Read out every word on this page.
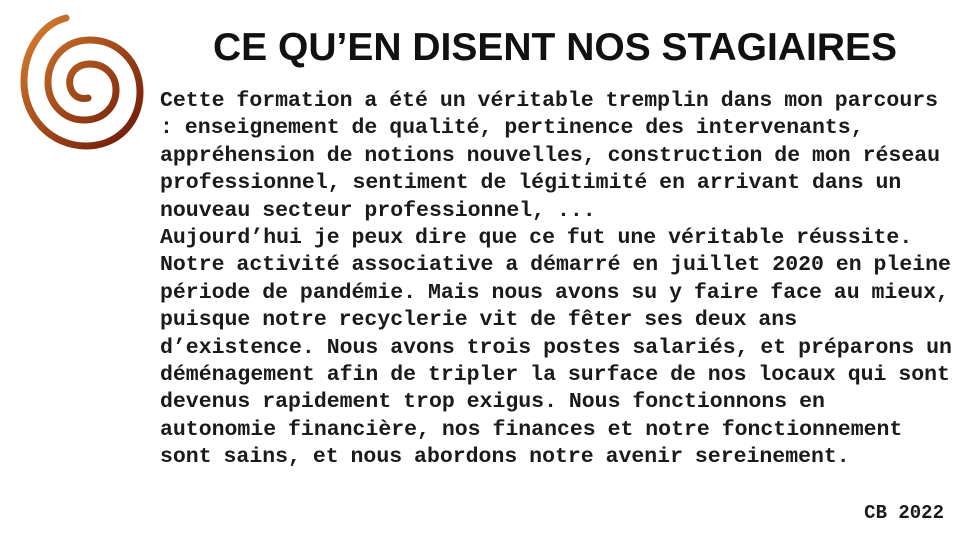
CE QU’EN DISENT NOS STAGIAIRES

Cette formation a été un véritable tremplin dans mon parcours : enseignement de qualité, pertinence des intervenants, appréhension de notions nouvelles, construction de mon réseau professionnel, sentiment de légitimité en arrivant dans un nouveau secteur professionnel, ...

Aujourd’hui je peux dire que ce fut une véritable réussite.

Notre activité associative a démarré en juillet 2020 en pleine période de pandémie. Mais nous avons su y faire face au mieux, puisque notre recyclerie vit de fêter ses deux ans d’existence. Nous avons trois postes salariés, et préparons un déménagement afin de tripler la surface de nos locaux qui sont devenus rapidement trop exigus. Nous fonctionnons en autonomie financière, nos finances et notre fonctionnement sont sains, et nous abordons notre avenir sereinement.

CB 2022
